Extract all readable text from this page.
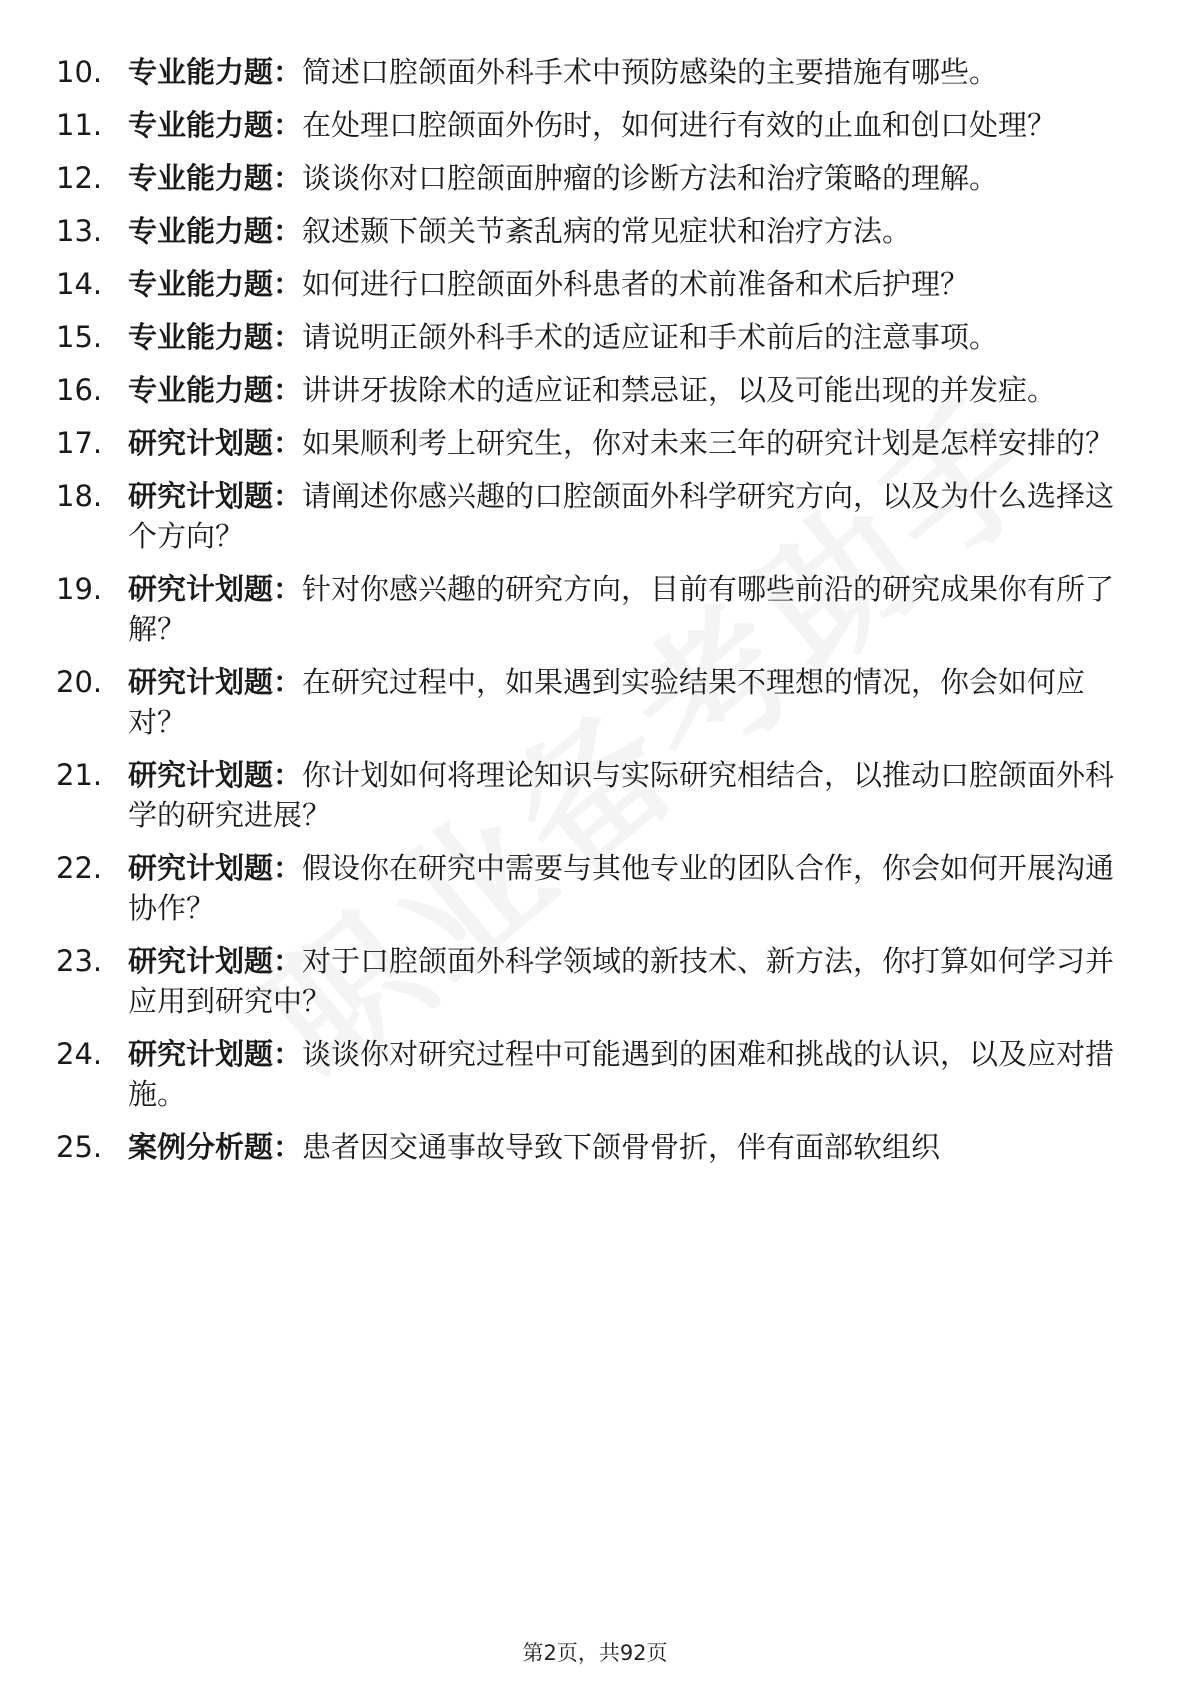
10. 专业能力题：简述口腔颌面外科手术中预防感染的主要措施有哪些。
11. 专业能力题：在处理口腔颌面外伤时，如何进行有效的止血和创口处理？
12. 专业能力题：谈谈你对口腔颌面肿瘤的诊断方法和治疗策略的理解。
13. 专业能力题：叙述颞下颌关节紊乱病的常见症状和治疗方法。
14. 专业能力题：如何进行口腔颌面外科患者的术前准备和术后护理？
15. 专业能力题：请说明正颌外科手术的适应证和手术前后的注意事项。
16. 专业能力题：讲讲牙拔除术的适应证和禁忌证，以及可能出现的并发症。
17. 研究计划题：如果顺利考上研究生，你对未来三年的研究计划是怎样安排的？
18. 研究计划题：请阐述你感兴趣的口腔颌面外科学研究方向，以及为什么选择这个方向？
19. 研究计划题：针对你感兴趣的研究方向，目前有哪些前沿的研究成果你有所了解？
20. 研究计划题：在研究过程中，如果遇到实验结果不理想的情况，你会如何应对？
21. 研究计划题：你计划如何将理论知识与实际研究相结合，以推动口腔颌面外科学的研究进展？
22. 研究计划题：假设你在研究中需要与其他专业的团队合作，你会如何开展沟通协作？
23. 研究计划题：对于口腔颌面外科学领域的新技术、新方法，你打算如何学习并应用到研究中？
24. 研究计划题：谈谈你对研究过程中可能遇到的困难和挑战的认识，以及应对措施。
25. 案例分析题：患者因交通事故导致下颌骨骨折，伴有面部软组织
第2页，共92页
